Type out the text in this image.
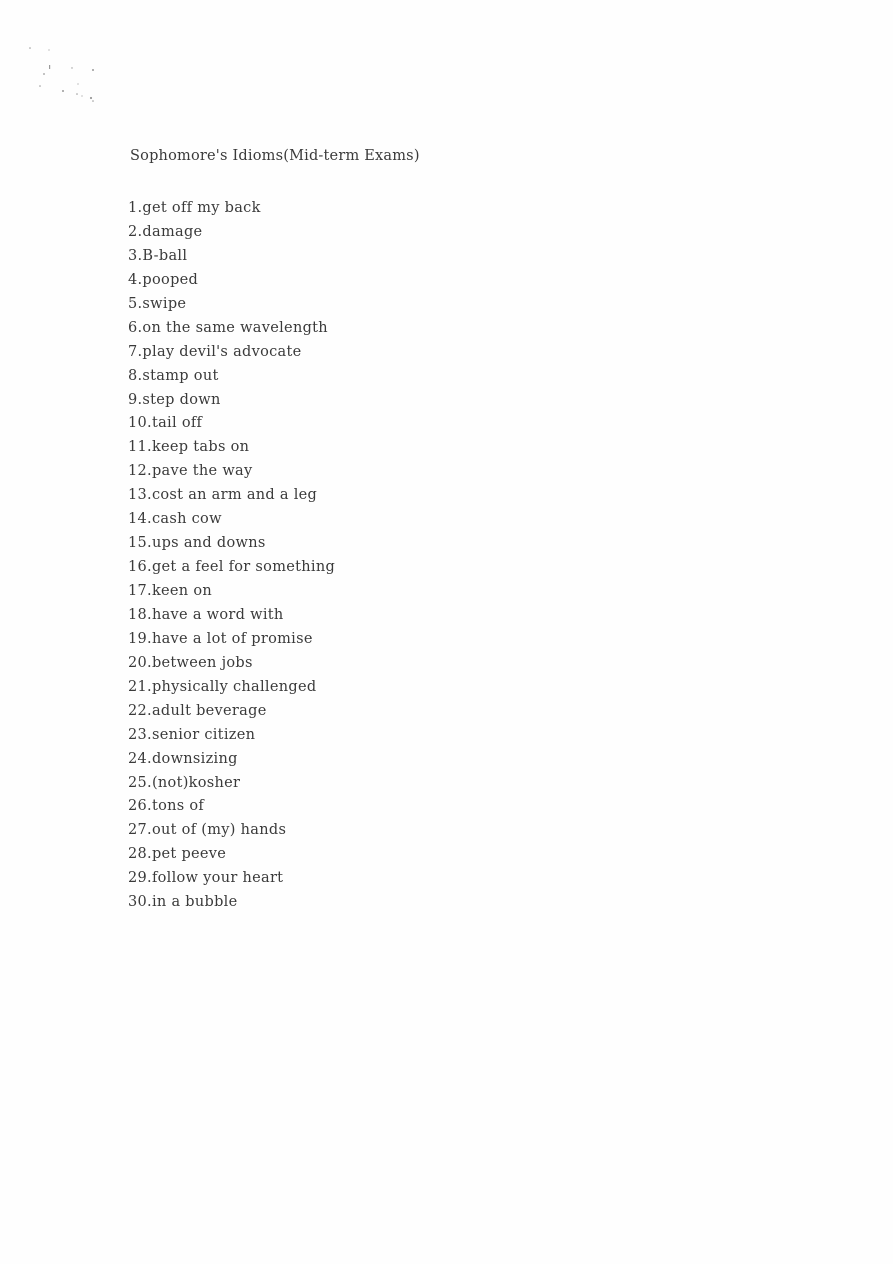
Sophomore's Idioms(Mid-term Exams)
1.get off my back
2.damage
3.B-ball
4.pooped
5.swipe
6.on the same wavelength
7.play devil's advocate
8.stamp out
9.step down
10.tail off
11.keep tabs on
12.pave the way
13.cost an arm and a leg
14.cash cow
15.ups and downs
16.get a feel for something
17.keen on
18.have a word with
19.have a lot of promise
20.between jobs
21.physically challenged
22.adult beverage
23.senior citizen
24.downsizing
25.(not)kosher
26.tons of
27.out of (my) hands
28.pet peeve
29.follow your heart
30.in a bubble
